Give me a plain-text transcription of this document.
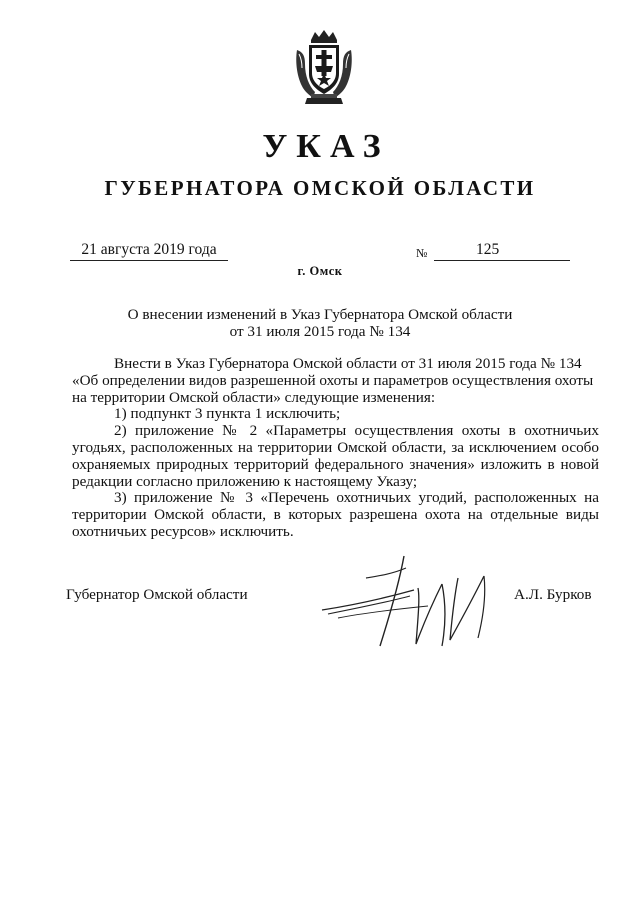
УКАЗ
ГУБЕРНАТОРА ОМСКОЙ ОБЛАСТИ
21 августа 2019 года	№	125
г. Омск
О внесении изменений в Указ Губернатора Омской области
от 31 июля 2015 года № 134

Внести в Указ Губернатора Омской области от 31 июля 2015 года № 134

«Об определении видов разрешенной охоты и параметров осуществления охоты

на территории Омской области» следующие изменения:

1) подпункт 3 пункта 1 исключить;

2) приложение № 2 «Параметры осуществления охоты в охотничьих угодьях, расположенных на территории Омской области, за исключением особо охраняемых природных территорий федерального значения» изложить в новой редакции согласно приложению к настоящему Указу;

3) приложение № 3 «Перечень охотничьих угодий, расположенных на территории Омской области, в которых разрешена охота на отдельные виды охотничьих ресурсов» исключить.

Губернатор Омской области	А.Л. Бурков
